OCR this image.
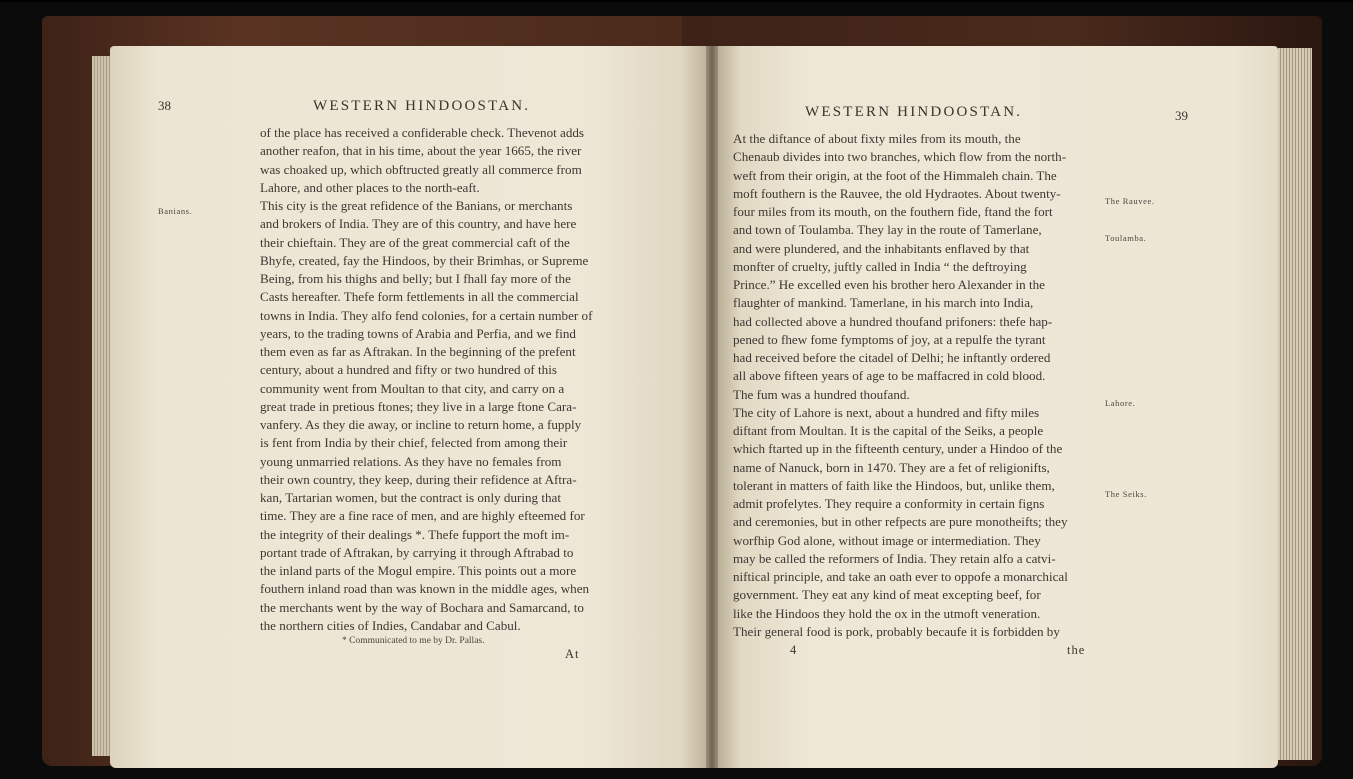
38	WESTERN HINDOOSTAN.
Banians.
of the place has received a confiderable check. Thevenot adds
another reafon, that in his time, about the year 1665, the river
was choaked up, which obftructed greatly all commerce from
Lahore, and other places to the north-eaft.
This city is the great refidence of the Banians, or merchants
and brokers of India. They are of this country, and have here
their chieftain. They are of the great commercial caft of the
Bhyfe, created, fay the Hindoos, by their Brimhas, or Supreme
Being, from his thighs and belly; but I fhall fay more of the
Casts hereafter. Thefe form fettlements in all the commercial
towns in India. They alfo fend colonies, for a certain number of
years, to the trading towns of Arabia and Perfia, and we find
them even as far as Aftrakan. In the beginning of the prefent
century, about a hundred and fifty or two hundred of this
community went from Moultan to that city, and carry on a
great trade in pretious ftones; they live in a large ftone Cara-
vanfery. As they die away, or incline to return home, a fupply
is fent from India by their chief, felected from among their
young unmarried relations. As they have no females from
their own country, they keep, during their refidence at Aftra-
kan, Tartarian women, but the contract is only during that
time. They are a fine race of men, and are highly efteemed for
the integrity of their dealings *. Thefe fupport the moft im-
portant trade of Aftrakan, by carrying it through Aftrabad to
the inland parts of the Mogul empire. This points out a more
fouthern inland road than was known in the middle ages, when
the merchants went by the way of Bochara and Samarcand, to
the northern cities of Indies, Candabar and Cabul.
* Communicated to me by Dr. Pallas.
At
WESTERN HINDOOSTAN.	39
The Rauvee.
Toulamba.
Lahore.
The Seiks.
At the diftance of about fixty miles from its mouth, the
Chenaub divides into two branches, which flow from the north-
weft from their origin, at the foot of the Himmaleh chain. The
moft fouthern is the Rauvee, the old Hydraotes. About twenty-
four miles from its mouth, on the fouthern fide, ftand the fort
and town of Toulamba. They lay in the route of Tamerlane,
and were plundered, and the inhabitants enflaved by that
monfter of cruelty, juftly called in India “ the deftroying
Prince.” He excelled even his brother hero Alexander in the
flaughter of mankind. Tamerlane, in his march into India,
had collected above a hundred thoufand prifoners: thefe hap-
pened to fhew fome fymptoms of joy, at a repulfe the tyrant
had received before the citadel of Delhi; he inftantly ordered
all above fifteen years of age to be maffacred in cold blood.
The fum was a hundred thoufand.
The city of Lahore is next, about a hundred and fifty miles
diftant from Moultan. It is the capital of the Seiks, a people
which ftarted up in the fifteenth century, under a Hindoo of the
name of Nanuck, born in 1470. They are a fet of religionifts,
tolerant in matters of faith like the Hindoos, but, unlike them,
admit profelytes. They require a conformity in certain figns
and ceremonies, but in other refpects are pure monotheifts; they
worfhip God alone, without image or intermediation. They
may be called the reformers of India. They retain alfo a catvi-
niftical principle, and take an oath ever to oppofe a monarchical
government. They eat any kind of meat excepting beef, for
like the Hindoos they hold the ox in the utmoft veneration.
Their general food is pork, probably becaufe it is forbidden by
4	the
